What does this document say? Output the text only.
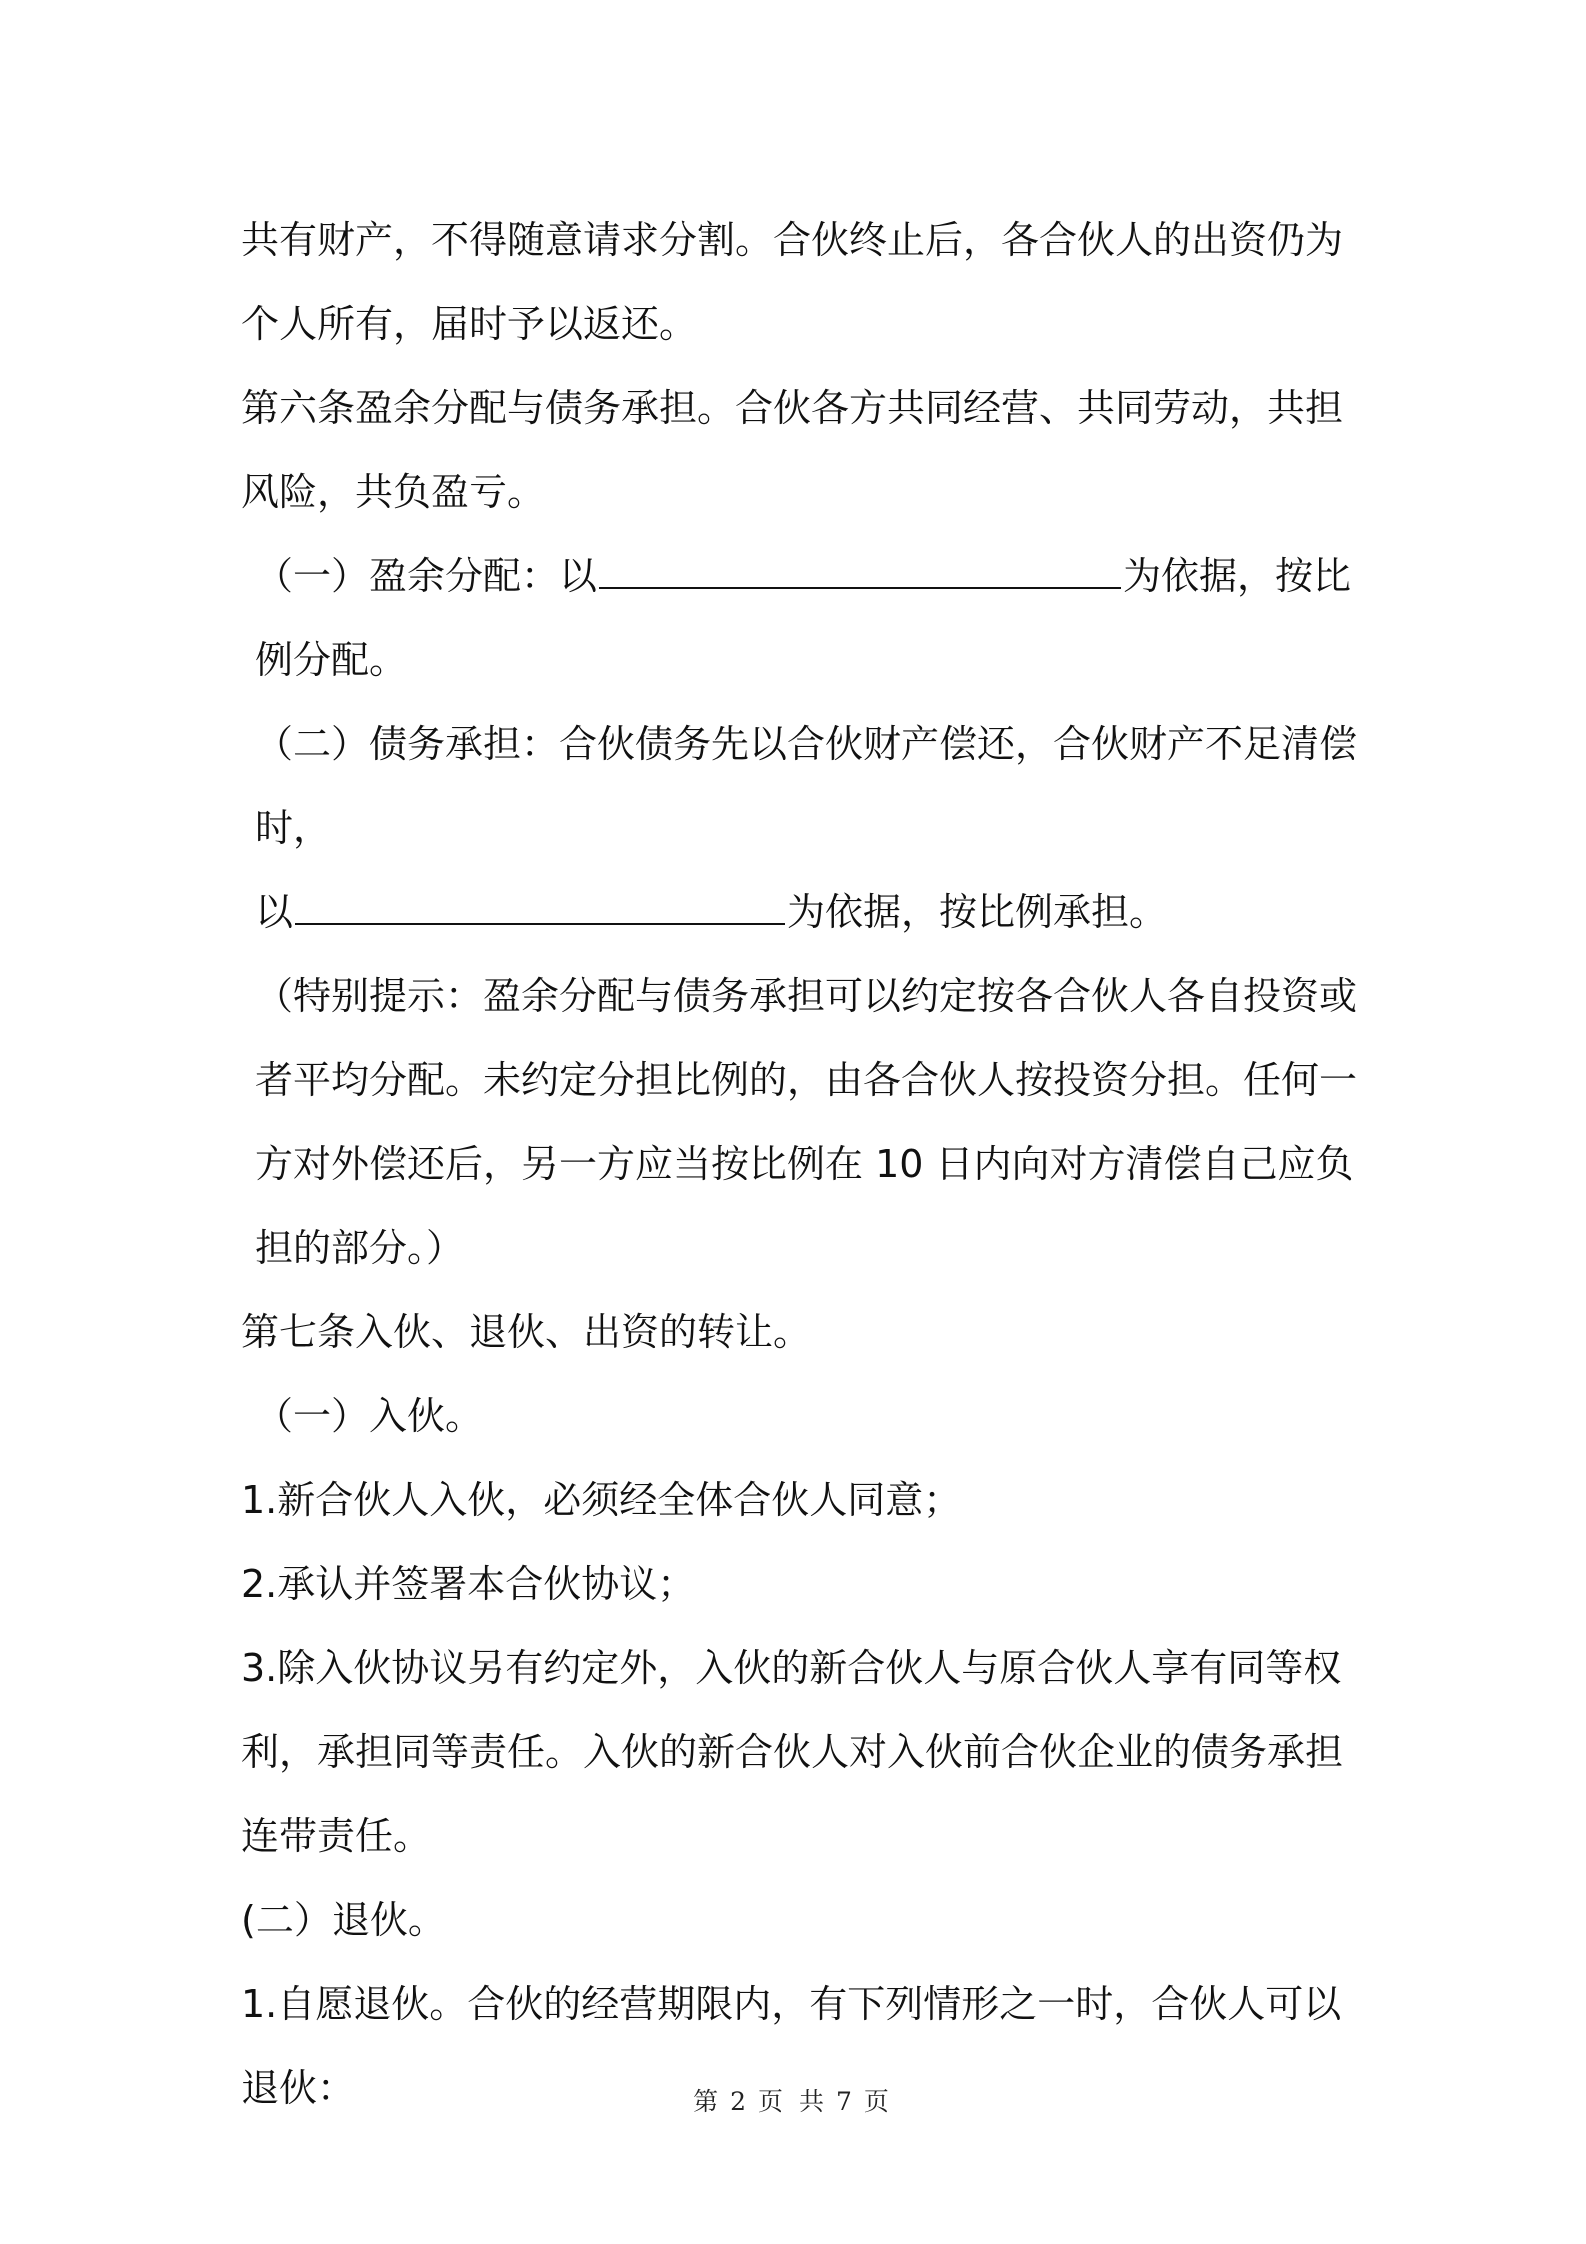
共有财产，不得随意请求分割。合伙终止后，各合伙人的出资仍为个人所有，届时予以返还。

第六条盈余分配与债务承担。合伙各方共同经营、共同劳动，共担风险，共负盈亏。

（一）盈余分配：以	为依据，按比例分配。

（二）债务承担：合伙债务先以合伙财产偿还，合伙财产不足清偿时，
以	为依据，按比例承担。

（特别提示：盈余分配与债务承担可以约定按各合伙人各自投资或者平均分配。未约定分担比例的，由各合伙人按投资分担。任何一方对外偿还后，另一方应当按比例在 10 日内向对方清偿自己应负担的部分。）

第七条入伙、退伙、出资的转让。

（一）入伙。

1.新合伙人入伙，必须经全体合伙人同意；

2.承认并签署本合伙协议；

3.除入伙协议另有约定外，入伙的新合伙人与原合伙人享有同等权利，承担同等责任。入伙的新合伙人对入伙前合伙企业的债务承担连带责任。

(二）退伙。

1.自愿退伙。合伙的经营期限内，有下列情形之一时，合伙人可以退伙：	第 2 页 共 7 页
